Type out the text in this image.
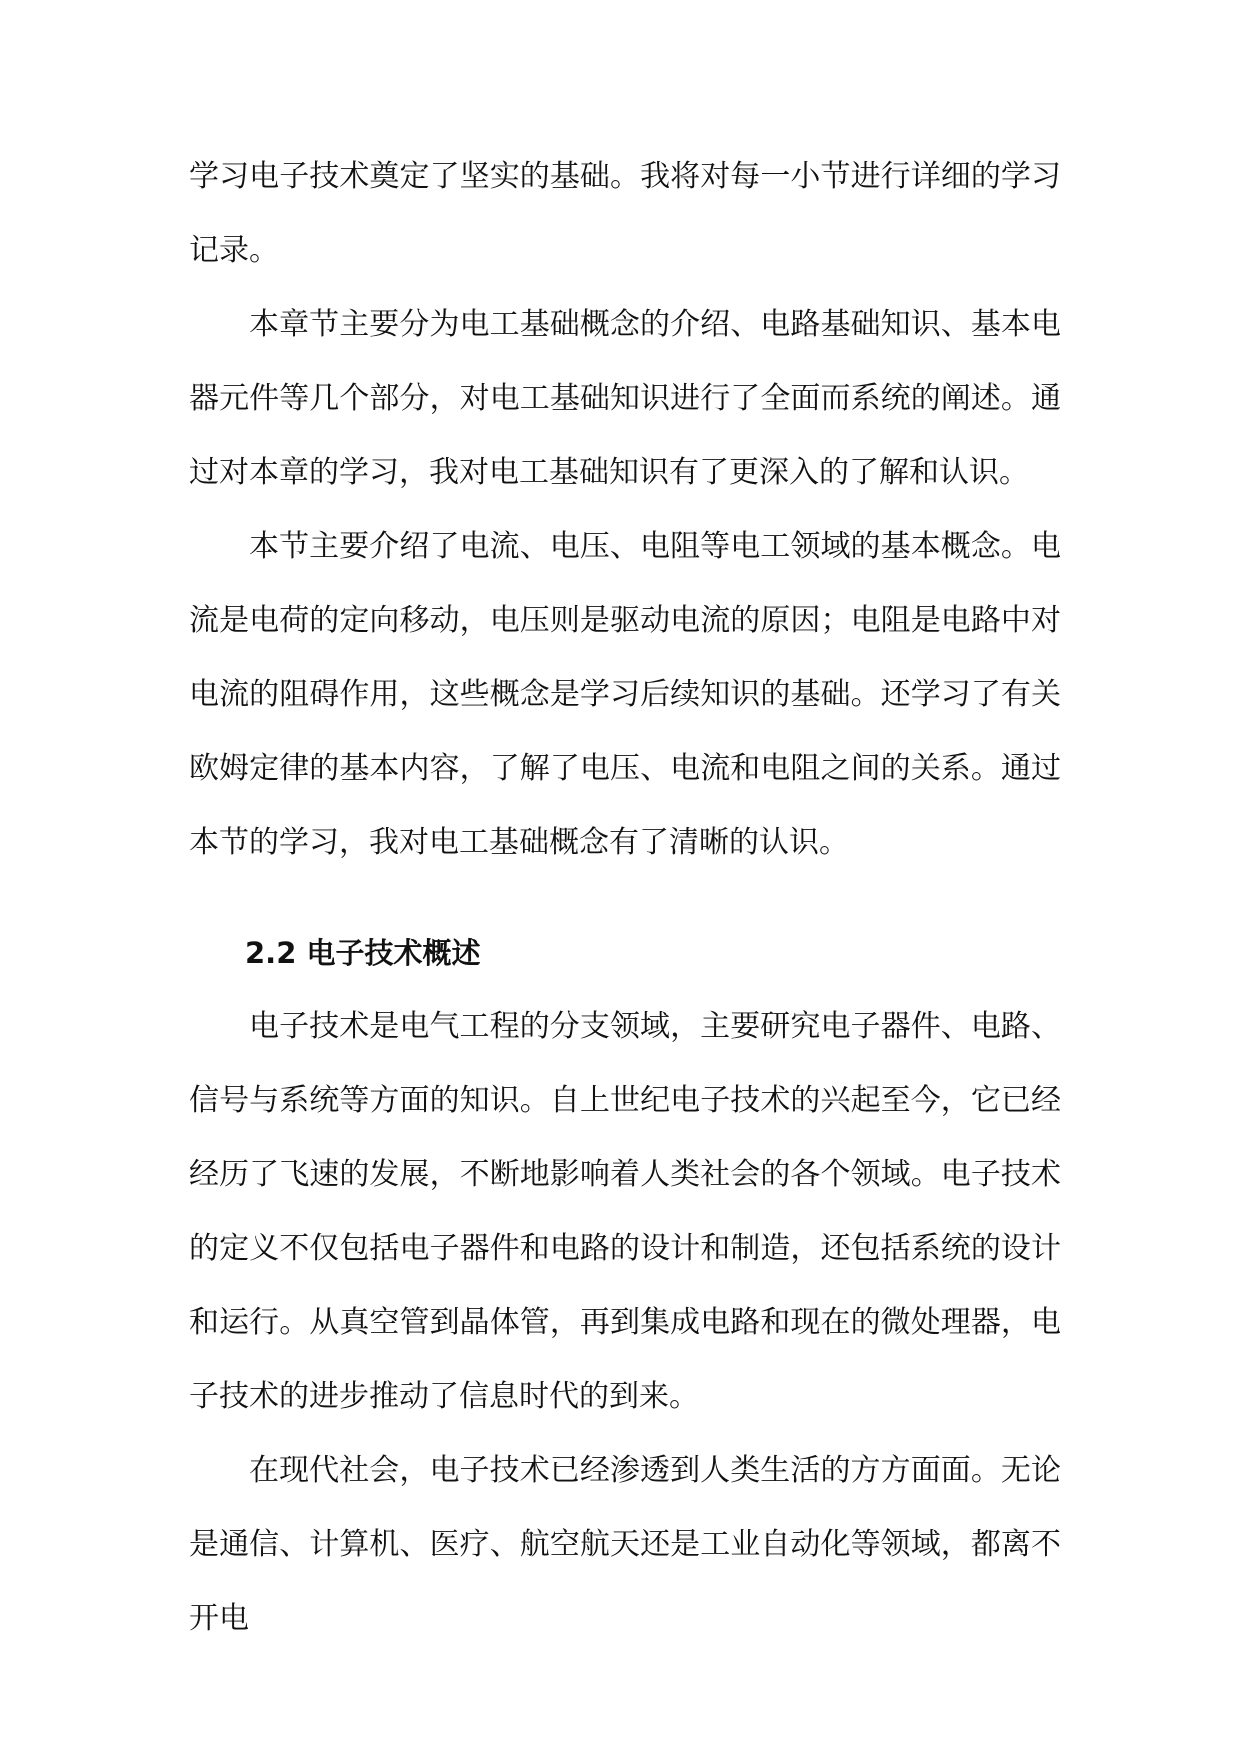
学习电子技术奠定了坚实的基础。我将对每一小节进行详细的学习记录。

本章节主要分为电工基础概念的介绍、电路基础知识、基本电器元件等几个部分，对电工基础知识进行了全面而系统的阐述。通过对本章的学习，我对电工基础知识有了更深入的了解和认识。

本节主要介绍了电流、电压、电阻等电工领域的基本概念。电流是电荷的定向移动，电压则是驱动电流的原因；电阻是电路中对电流的阻碍作用，这些概念是学习后续知识的基础。还学习了有关欧姆定律的基本内容，了解了电压、电流和电阻之间的关系。通过本节的学习，我对电工基础概念有了清晰的认识。

2.2 电子技术概述

电子技术是电气工程的分支领域，主要研究电子器件、电路、信号与系统等方面的知识。自上世纪电子技术的兴起至今，它已经经历了飞速的发展，不断地影响着人类社会的各个领域。电子技术的定义不仅包括电子器件和电路的设计和制造，还包括系统的设计和运行。从真空管到晶体管，再到集成电路和现在的微处理器，电子技术的进步推动了信息时代的到来。

在现代社会，电子技术已经渗透到人类生活的方方面面。无论是通信、计算机、医疗、航空航天还是工业自动化等领域，都离不开电
